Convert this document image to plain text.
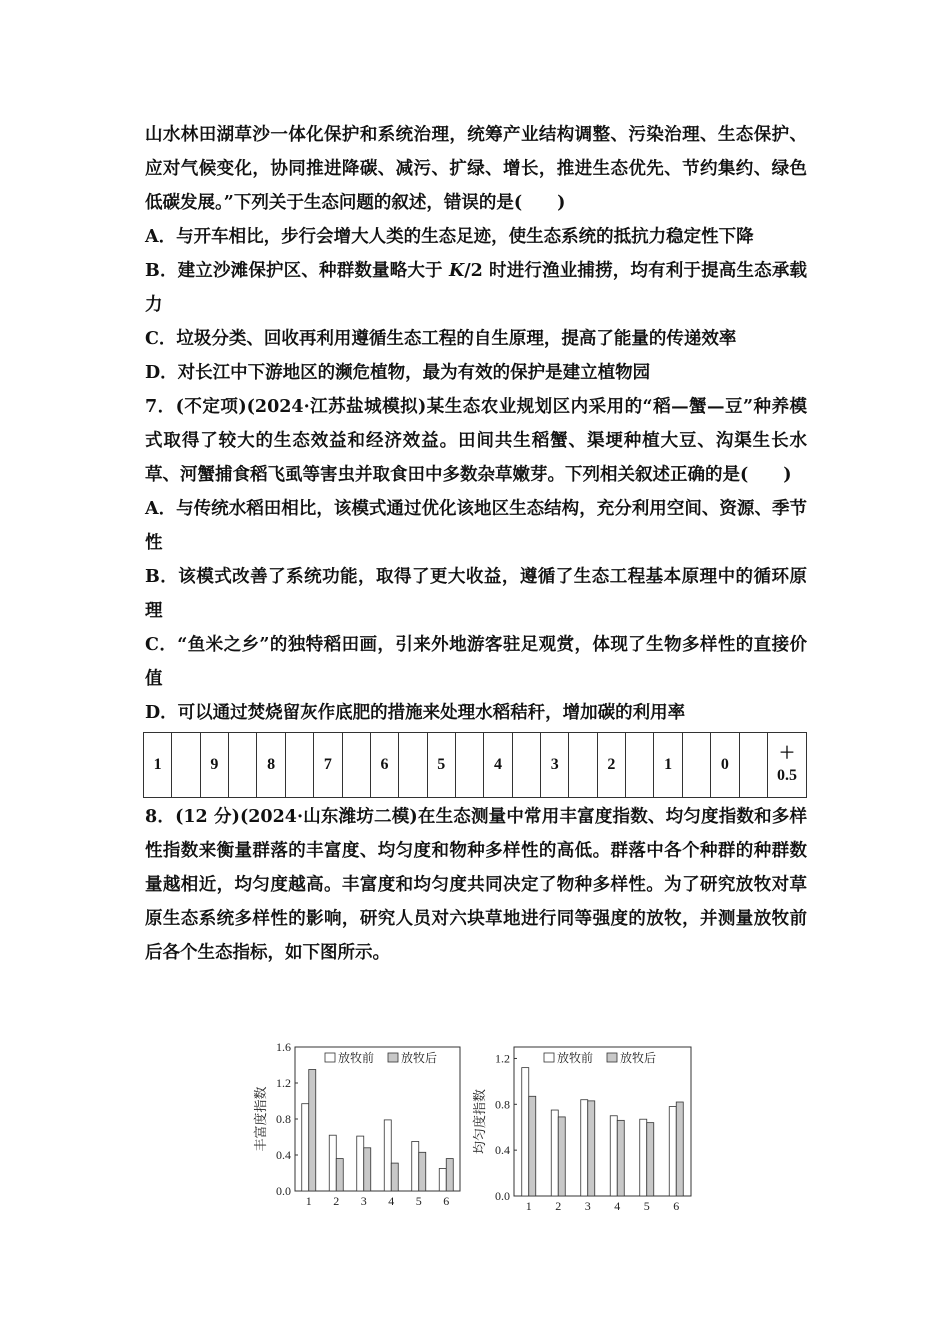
山水林田湖草沙一体化保护和系统治理，统筹产业结构调整、污染治理、生态保护、应对气候变化，协同推进降碳、减污、扩绿、增长，推进生态优先、节约集约、绿色低碳发展。”下列关于生态问题的叙述，错误的是(　　)

A．与开车相比，步行会增大人类的生态足迹，使生态系统的抵抗力稳定性下降

B．建立沙滩保护区、种群数量略大于 K/2 时进行渔业捕捞，均有利于提高生态承载力

C．垃圾分类、回收再利用遵循生态工程的自生原理，提高了能量的传递效率

D．对长江中下游地区的濒危植物，最为有效的保护是建立植物园

7．(不定项)(2024·江苏盐城模拟)某生态农业规划区内采用的“稻—蟹—豆”种养模式取得了较大的生态效益和经济效益。田间共生稻蟹、渠埂种植大豆、沟渠生长水草、河蟹捕食稻飞虱等害虫并取食田中多数杂草嫩芽。下列相关叙述正确的是(　　)

A．与传统水稻田相比，该模式通过优化该地区生态结构，充分利用空间、资源、季节性

B．该模式改善了系统功能，取得了更大收益，遵循了生态工程基本原理中的循环原理

C．“鱼米之乡”的独特稻田画，引来外地游客驻足观赏，体现了生物多样性的直接价值

D．可以通过焚烧留灰作底肥的措施来处理水稻秸秆，增加碳的利用率

1		9		8		7		6		5		4		3		2		1		0		
＋
0.5

8．(12 分)(2024·山东潍坊二模)在生态测量中常用丰富度指数、均匀度指数和多样性指数来衡量群落的丰富度、均匀度和物种多样性的高低。群落中各个种群的种群数量越相近，均匀度越高。丰富度和均匀度共同决定了物种多样性。为了研究放牧对草原生态系统多样性的影响，研究人员对六块草地进行同等强度的放牧，并测量放牧前后各个生态指标，如下图所示。

0.0
0.4
0.8
1.2
1.6
丰富度指数
1 2 3 4 5 6
放牧前 放牧后
0.0
0.4
0.8
1.2
均匀度指数
1 2 3 4 5 6
放牧前 放牧后
